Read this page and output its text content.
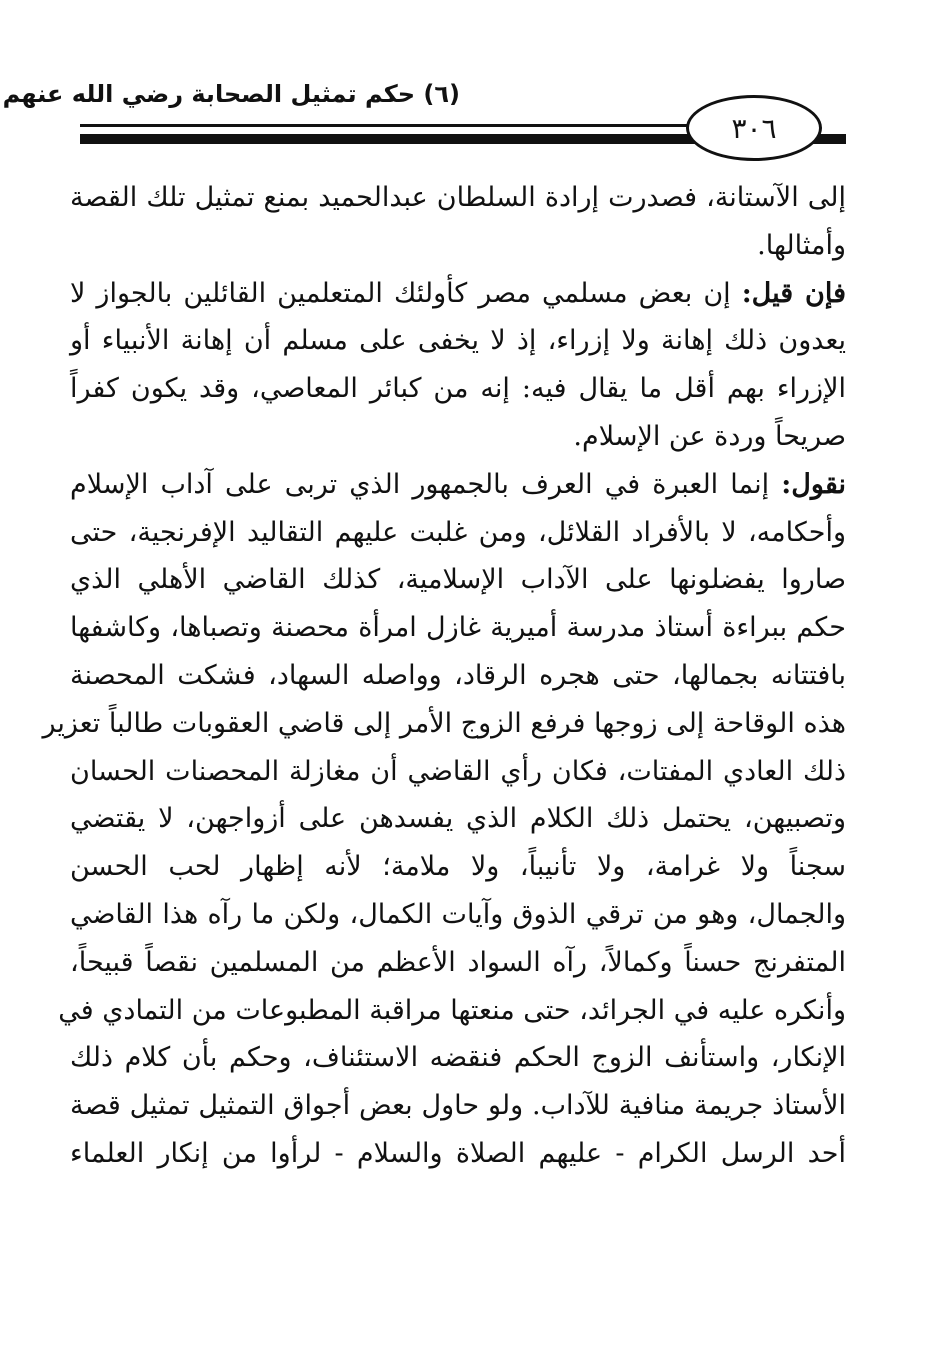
(٦) حكم تمثيل الصحابة رضي الله عنهم
٣٠٦
إلى الآستانة، فصدرت إرادة السلطان عبدالحميد بمنع تمثيل تلك القصة
وأمثالها.
فإن قيل: إن بعض مسلمي مصر كأولئك المتعلمين القائلين بالجواز لا
يعدون ذلك إهانة ولا إزراء، إذ لا يخفى على مسلم أن إهانة الأنبياء أو
الإزراء بهم أقل ما يقال فيه: إنه من كبائر المعاصي، وقد يكون كفراً
صريحاً وردة عن الإسلام.
نقول: إنما العبرة في العرف بالجمهور الذي تربى على آداب الإسلام
وأحكامه، لا بالأفراد القلائل، ومن غلبت عليهم التقاليد الإفرنجية، حتى
صاروا يفضلونها على الآداب الإسلامية، كذلك القاضي الأهلي الذي
حكم ببراءة أستاذ مدرسة أميرية غازل امرأة محصنة وتصباها، وكاشفها
بافتتانه بجمالها، حتى هجره الرقاد، وواصله السهاد، فشكت المحصنة
هذه الوقاحة إلى زوجها فرفع الزوج الأمر إلى قاضي العقوبات طالباً تعزير
ذلك العادي المفتات، فكان رأي القاضي أن مغازلة المحصنات الحسان
وتصبيهن، يحتمل ذلك الكلام الذي يفسدهن على أزواجهن، لا يقتضي
سجناً ولا غرامة، ولا تأنيباً، ولا ملامة؛ لأنه إظهار لحب الحسن
والجمال، وهو من ترقي الذوق وآيات الكمال، ولكن ما رآه هذا القاضي
المتفرنج حسناً وكمالاً، رآه السواد الأعظم من المسلمين نقصاً قبيحاً،
وأنكره عليه في الجرائد، حتى منعتها مراقبة المطبوعات من التمادي في
الإنكار، واستأنف الزوج الحكم فنقضه الاستئناف، وحكم بأن كلام ذلك
الأستاذ جريمة منافية للآداب. ولو حاول بعض أجواق التمثيل تمثيل قصة
أحد الرسل الكرام - عليهم الصلاة والسلام - لرأوا من إنكار العلماء
